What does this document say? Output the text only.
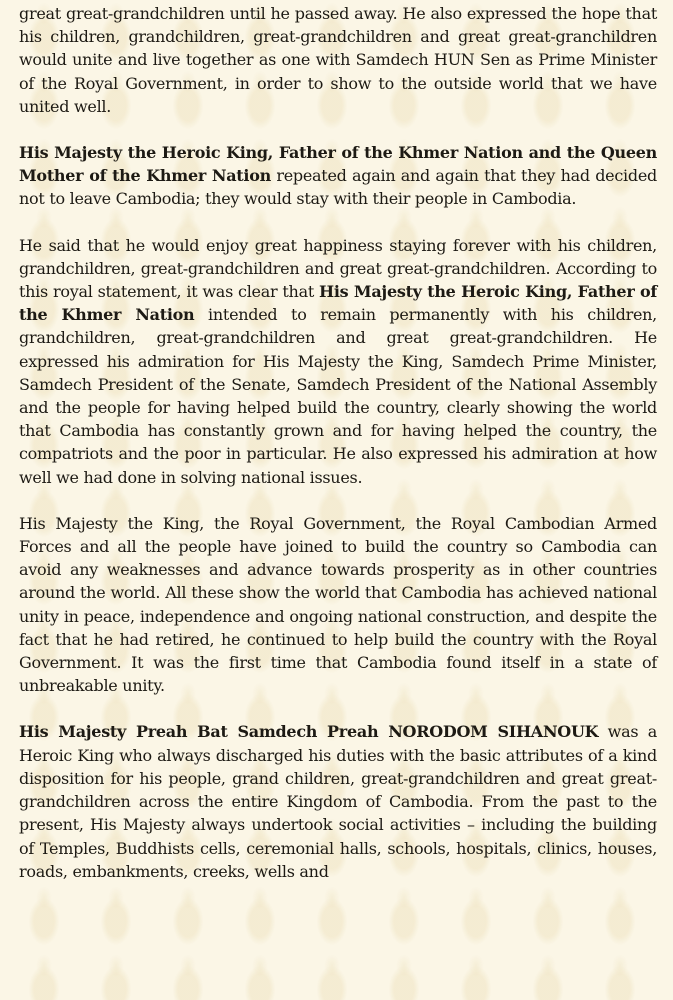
great great-grandchildren until he passed away. He also expressed the hope that his children, grandchildren, great-grandchildren and great great-granchildren would unite and live together as one with Samdech HUN Sen as Prime Minister of the Royal Government, in order to show to the outside world that we have united well.

His Majesty the Heroic King, Father of the Khmer Nation and the Queen Mother of the Khmer Nation repeated again and again that they had decided not to leave Cambodia; they would stay with their people in Cambodia.

He said that he would enjoy great happiness staying forever with his children, grandchildren, great-grandchildren and great great-grandchildren. According to this royal statement, it was clear that His Majesty the Heroic King, Father of the Khmer Nation intended to remain permanently with his children, grandchildren, great-grandchildren and great great-grandchildren. He expressed his admiration for His Majesty the King, Samdech Prime Minister, Samdech President of the Senate, Samdech President of the National Assembly and the people for having helped build the country, clearly showing the world that Cambodia has constantly grown and for having helped the country, the compatriots and the poor in particular. He also expressed his admiration at how well we had done in solving national issues.

His Majesty the King, the Royal Government, the Royal Cambodian Armed Forces and all the people have joined to build the country so Cambodia can avoid any weaknesses and advance towards prosperity as in other countries around the world. All these show the world that Cambodia has achieved national unity in peace, independence and ongoing national construction, and despite the fact that he had retired, he continued to help build the country with the Royal Government. It was the first time that Cambodia found itself in a state of unbreakable unity.

His Majesty Preah Bat Samdech Preah NORODOM SIHANOUK was a Heroic King who always discharged his duties with the basic attributes of a kind disposition for his people, grand children, great-grandchildren and great great-grandchildren across the entire Kingdom of Cambodia. From the past to the present, His Majesty always undertook social activities – including the building of Temples, Buddhists cells, ceremonial halls, schools, hospitals, clinics, houses, roads, embankments, creeks, wells and
